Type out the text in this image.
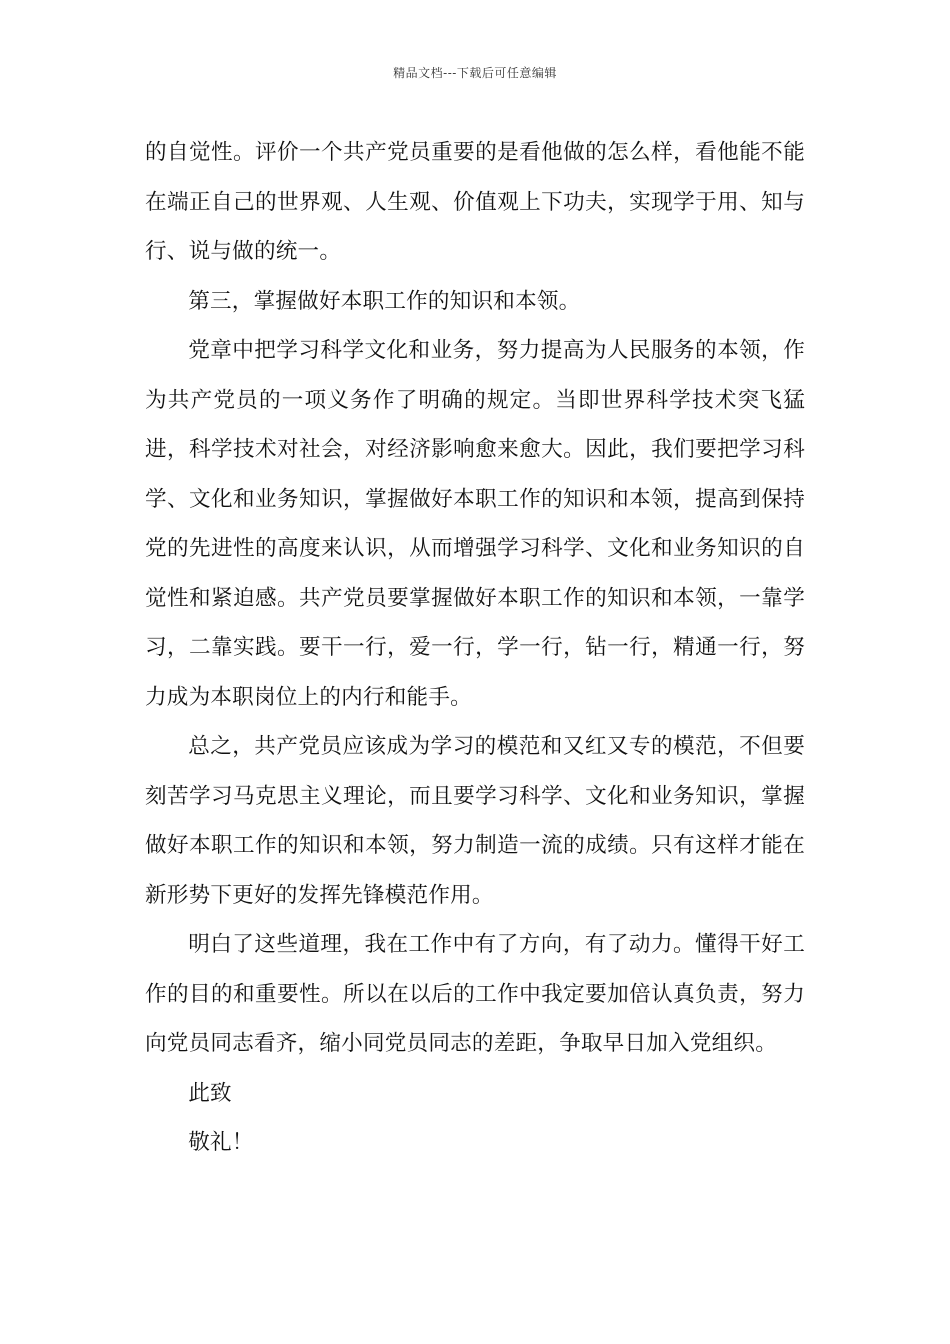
精品文档---下载后可任意编辑

的自觉性。评价一个共产党员重要的是看他做的怎么样，看他能不能在端正自己的世界观、人生观、价值观上下功夫，实现学于用、知与行、说与做的统一。

第三，掌握做好本职工作的知识和本领。

党章中把学习科学文化和业务，努力提高为人民服务的本领，作为共产党员的一项义务作了明确的规定。当即世界科学技术突飞猛进，科学技术对社会，对经济影响愈来愈大。因此，我们要把学习科学、文化和业务知识，掌握做好本职工作的知识和本领，提高到保持党的先进性的高度来认识，从而增强学习科学、文化和业务知识的自觉性和紧迫感。共产党员要掌握做好本职工作的知识和本领，一靠学习，二靠实践。要干一行，爱一行，学一行，钻一行，精通一行，努力成为本职岗位上的内行和能手。

总之，共产党员应该成为学习的模范和又红又专的模范，不但要刻苦学习马克思主义理论，而且要学习科学、文化和业务知识，掌握做好本职工作的知识和本领，努力制造一流的成绩。只有这样才能在新形势下更好的发挥先锋模范作用。

明白了这些道理，我在工作中有了方向，有了动力。懂得干好工作的目的和重要性。所以在以后的工作中我定要加倍认真负责，努力向党员同志看齐，缩小同党员同志的差距，争取早日加入党组织。

此致

敬礼！
